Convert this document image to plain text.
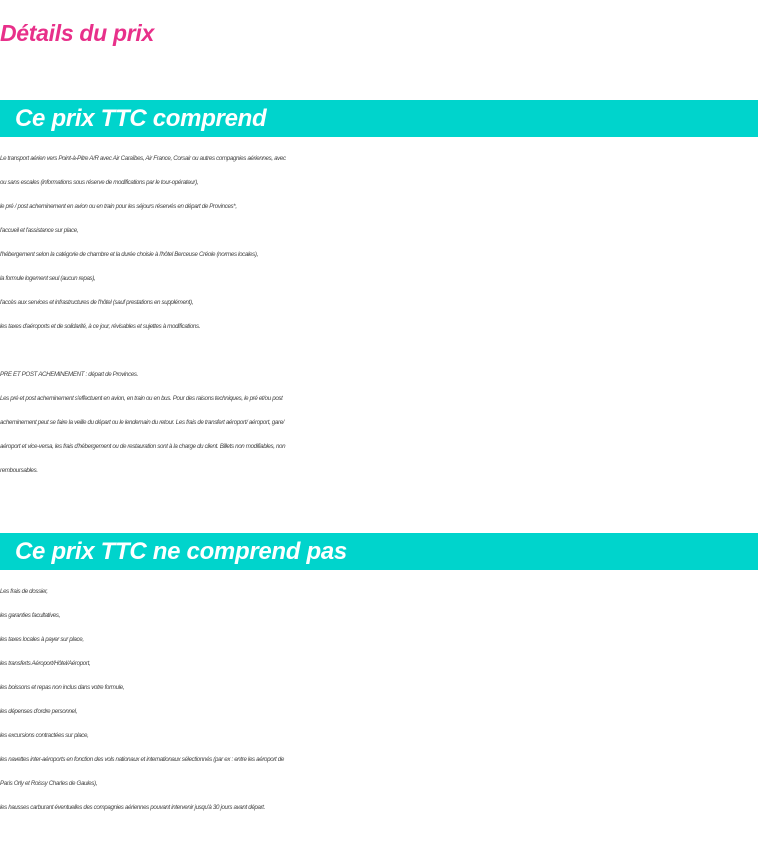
Détails du prix
Ce prix TTC comprend
Le transport aérien vers Point-à-Pitre A/R avec Air Caraïbes, Air France, Corsair ou autres compagnies aériennes, avec
ou sans escales (informations sous réserve de modifications par le tour-opérateur),
le pré / post acheminement en avion ou en train pour les séjours réservés en départ de Provinces*,
l'accueil et l'assistance sur place,
l'hébergement selon la catégorie de chambre et la durée choisie à l'hôtel Berceuse Créole (normes locales),
la formule logement seul (aucun repas),
l'accès aux services et infrastructures de l'hôtel (sauf prestations en supplément),
les taxes d'aéroports et de solidarité, à ce jour, révisables et sujettes à modifications.
PRE ET POST ACHEMINEMENT : départ de Provinces.
Les pré et post acheminement s'effectuent en avion, en train ou en bus. Pour des raisons techniques, le pré et/ou post
acheminement peut se faire la veille du départ ou le lendemain du retour. Les frais de transfert aéroport/ aéroport, gare/
aéroport et vice-versa, les frais d'hébergement ou de restauration sont à la charge du client. Billets non modifiables, non
remboursables.
Ce prix TTC ne comprend pas
Les frais de dossier,
les garanties facultatives,
les taxes locales à payer sur place,
les transferts Aéroport/Hôtel/Aéroport,
les boissons et repas non inclus dans votre formule,
les dépenses d'ordre personnel,
les excursions contractées sur place,
les navettes inter-aéroports en fonction des vols nationaux et internationaux sélectionnés (par ex : entre les aéroport de
Paris Orly et Roissy Charles de Gaules),
les hausses carburant éventuelles des compagnies aériennes pouvant intervenir jusqu'à 30 jours avant départ.
